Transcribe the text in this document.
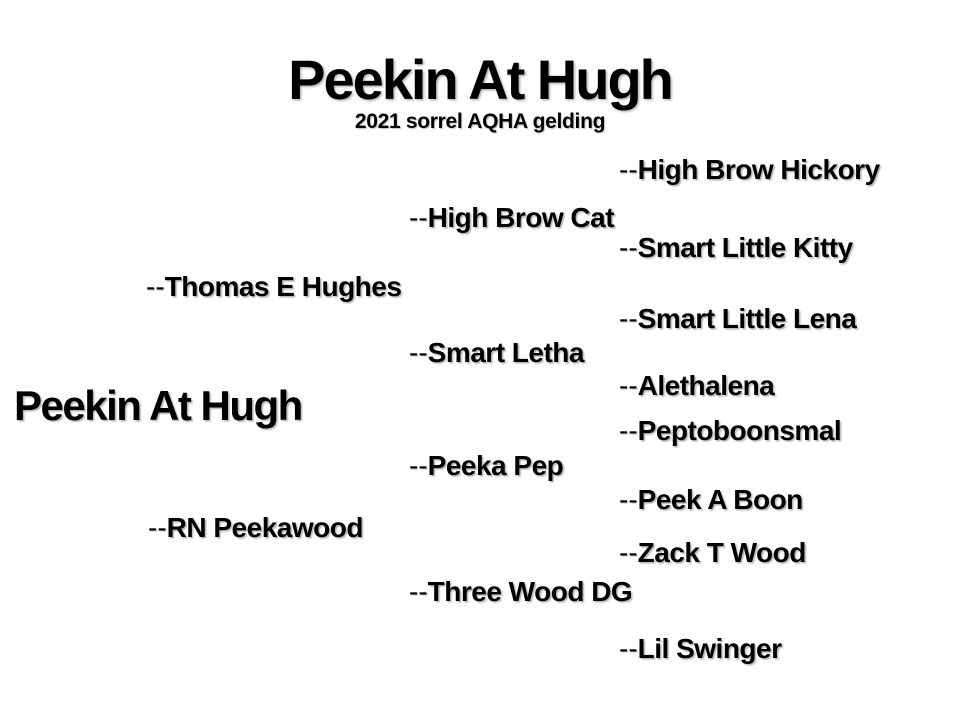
Peekin At Hugh
2021 sorrel AQHA gelding
Peekin At Hugh
--Thomas E Hughes
--RN Peekawood
--High Brow Cat
--Smart Letha
--Peeka Pep
--Three Wood DG
--High Brow Hickory
--Smart Little Kitty
--Smart Little Lena
--Alethalena
--Peptoboonsmal
--Peek A Boon
--Zack T Wood
--Lil Swinger
